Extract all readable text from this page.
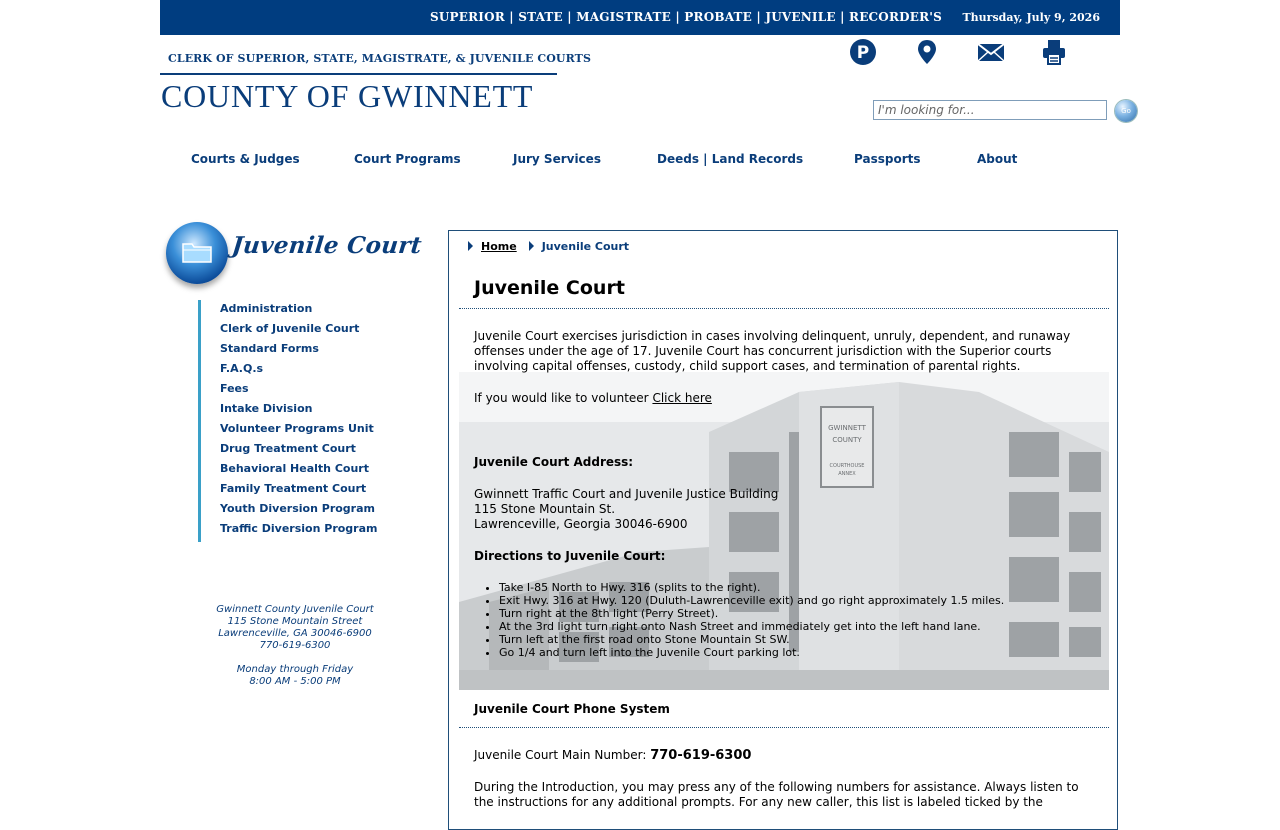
SUPERIOR | STATE | MAGISTRATE | PROBATE | JUVENILE | RECORDER'S Thursday, July 9, 2026
CLERK OF SUPERIOR, STATE, MAGISTRATE, & JUVENILE COURTS
COUNTY OF GWINNETT
P
I'm looking for...
Go
Courts & Judges	Court Programs	Jury Services	Deeds | Land Records	Passports	About
Juvenile Court
Administration
Clerk of Juvenile Court
Standard Forms
F.A.Q.s
Fees
Intake Division
Volunteer Programs Unit
Drug Treatment Court
Behavioral Health Court
Family Treatment Court
Youth Diversion Program
Traffic Diversion Program
Gwinnett County Juvenile Court
115 Stone Mountain Street
Lawrenceville, GA 30046-6900
770-619-6300
Monday through Friday
8:00 AM - 5:00 PM
Home Juvenile Court
Juvenile Court
GWINNETT
COUNTY
COURTHOUSE
ANNEX
Juvenile Court exercises jurisdiction in cases involving delinquent, unruly, dependent, and runaway offenses under the age of 17. Juvenile Court has concurrent jurisdiction with the Superior courts involving capital offenses, custody, child support cases, and termination of parental rights.
If you would like to volunteer Click here
Juvenile Court Address:
Gwinnett Traffic Court and Juvenile Justice Building
115 Stone Mountain St.
Lawrenceville, Georgia 30046-6900
Directions to Juvenile Court:
• Take I-85 North to Hwy. 316 (splits to the right).
• Exit Hwy. 316 at Hwy. 120 (Duluth-Lawrenceville exit) and go right approximately 1.5 miles.
• Turn right at the 8th light (Perry Street).
• At the 3rd light turn right onto Nash Street and immediately get into the left hand lane.
• Turn left at the first road onto Stone Mountain St SW.
• Go 1/4 and turn left into the Juvenile Court parking lot.
Juvenile Court Phone System
Juvenile Court Main Number: 770-619-6300
During the Introduction, you may press any of the following numbers for assistance. Always listen to the instructions for any additional prompts. For any new caller, this list is labeled ticked by the
